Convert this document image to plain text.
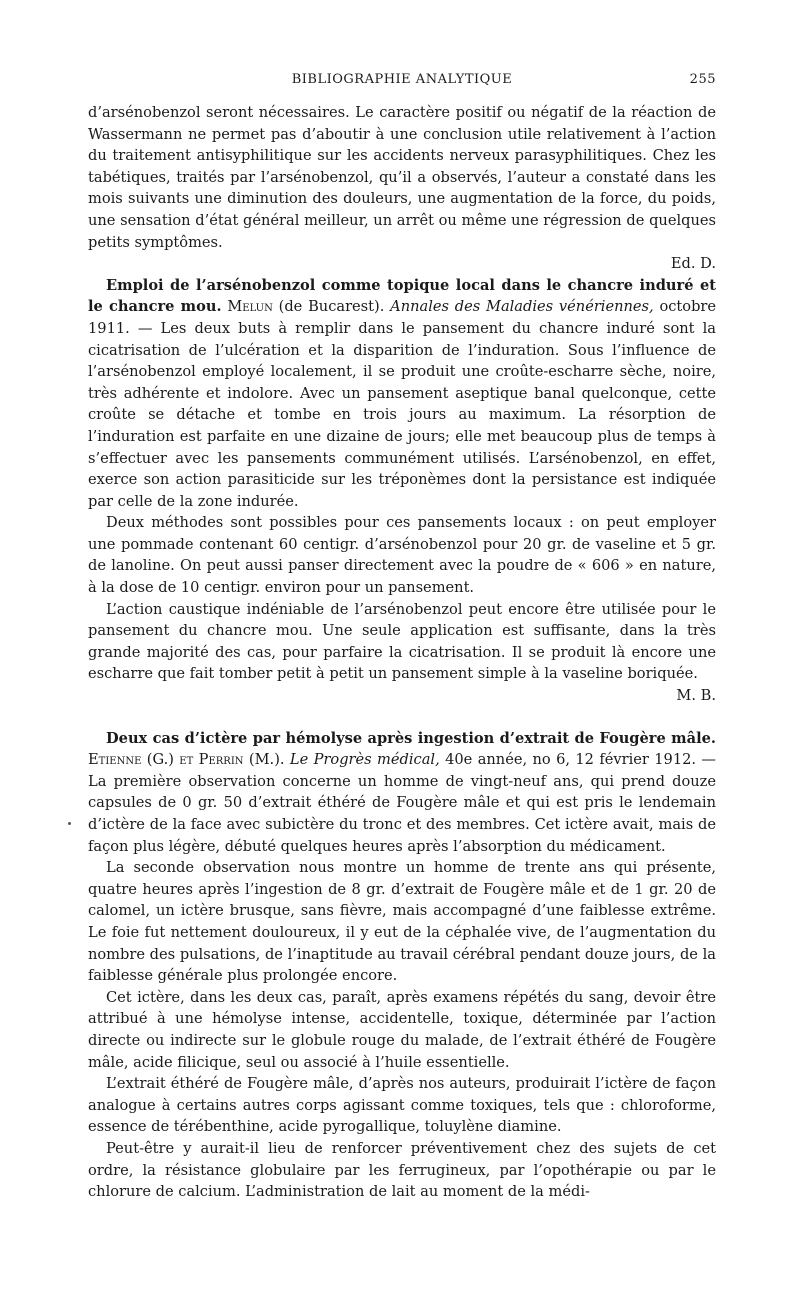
BIBLIOGRAPHIE ANALYTIQUE	255

d’arsénobenzol seront nécessaires. Le caractère positif ou négatif de la réaction de Wassermann ne permet pas d’aboutir à une conclusion utile relativement à l’action du traitement antisyphilitique sur les accidents nerveux parasyphilitiques. Chez les tabétiques, traités par l’arsénobenzol, qu’il a observés, l’auteur a constaté dans les mois suivants une diminution des douleurs, une augmentation de la force, du poids, une sensation d’état général meilleur, un arrêt ou même une régression de quelques petits symptômes.

Ed. D.

Emploi de l’arsénobenzol comme topique local dans le chancre induré et le chancre mou. Melun (de Bucarest). Annales des Maladies vénériennes, octobre 1911. — Les deux buts à remplir dans le pansement du chancre induré sont la cicatrisation de l’ulcération et la disparition de l’induration. Sous l’influence de l’arsénobenzol employé localement, il se produit une croûte-escharre sèche, noire, très adhérente et indolore. Avec un pansement aseptique banal quelconque, cette croûte se détache et tombe en trois jours au maximum. La résorption de l’induration est parfaite en une dizaine de jours; elle met beaucoup plus de temps à s’effectuer avec les pansements communément utilisés. L’arsénobenzol, en effet, exerce son action parasiticide sur les tréponèmes dont la persistance est indiquée par celle de la zone indurée.

Deux méthodes sont possibles pour ces pansements locaux : on peut employer une pommade contenant 60 centigr. d’arsénobenzol pour 20 gr. de vaseline et 5 gr. de lanoline. On peut aussi panser directement avec la poudre de « 606 » en nature, à la dose de 10 centigr. environ pour un pansement.

L’action caustique indéniable de l’arsénobenzol peut encore être utilisée pour le pansement du chancre mou. Une seule application est suffisante, dans la très grande majorité des cas, pour parfaire la cicatrisation. Il se produit là encore une escharre que fait tomber petit à petit un pansement simple à la vaseline boriquée.
M. B.

Deux cas d’ictère par hémolyse après ingestion d’extrait de Fougère mâle. Etienne (G.) et Perrin (M.). Le Progrès médical, 40e année, no 6, 12 février 1912. — La première observation concerne un homme de vingt-neuf ans, qui prend douze capsules de 0 gr. 50 d’extrait éthéré de Fougère mâle et qui est pris le lendemain d’ictère de la face avec subictère du tronc et des membres. Cet ictère avait, mais de façon plus légère, débuté quelques heures après l’absorption du médicament.

La seconde observation nous montre un homme de trente ans qui présente, quatre heures après l’ingestion de 8 gr. d’extrait de Fougère mâle et de 1 gr. 20 de calomel, un ictère brusque, sans fièvre, mais accompagné d’une faiblesse extrême. Le foie fut nettement douloureux, il y eut de la céphalée vive, de l’augmentation du nombre des pulsations, de l’inaptitude au travail cérébral pendant douze jours, de la faiblesse générale plus prolongée encore.

Cet ictère, dans les deux cas, paraît, après examens répétés du sang, devoir être attribué à une hémolyse intense, accidentelle, toxique, déterminée par l’action directe ou indirecte sur le globule rouge du malade, de l’extrait éthéré de Fougère mâle, acide filicique, seul ou associé à l’huile essentielle.

L’extrait éthéré de Fougère mâle, d’après nos auteurs, produirait l’ictère de façon analogue à certains autres corps agissant comme toxiques, tels que : chloroforme, essence de térébenthine, acide pyrogallique, toluylène diamine.

Peut-être y aurait-il lieu de renforcer préventivement chez des sujets de cet ordre, la résistance globulaire par les ferrugineux, par l’opothérapie ou par le chlorure de calcium. L’administration de lait au moment de la médi-
